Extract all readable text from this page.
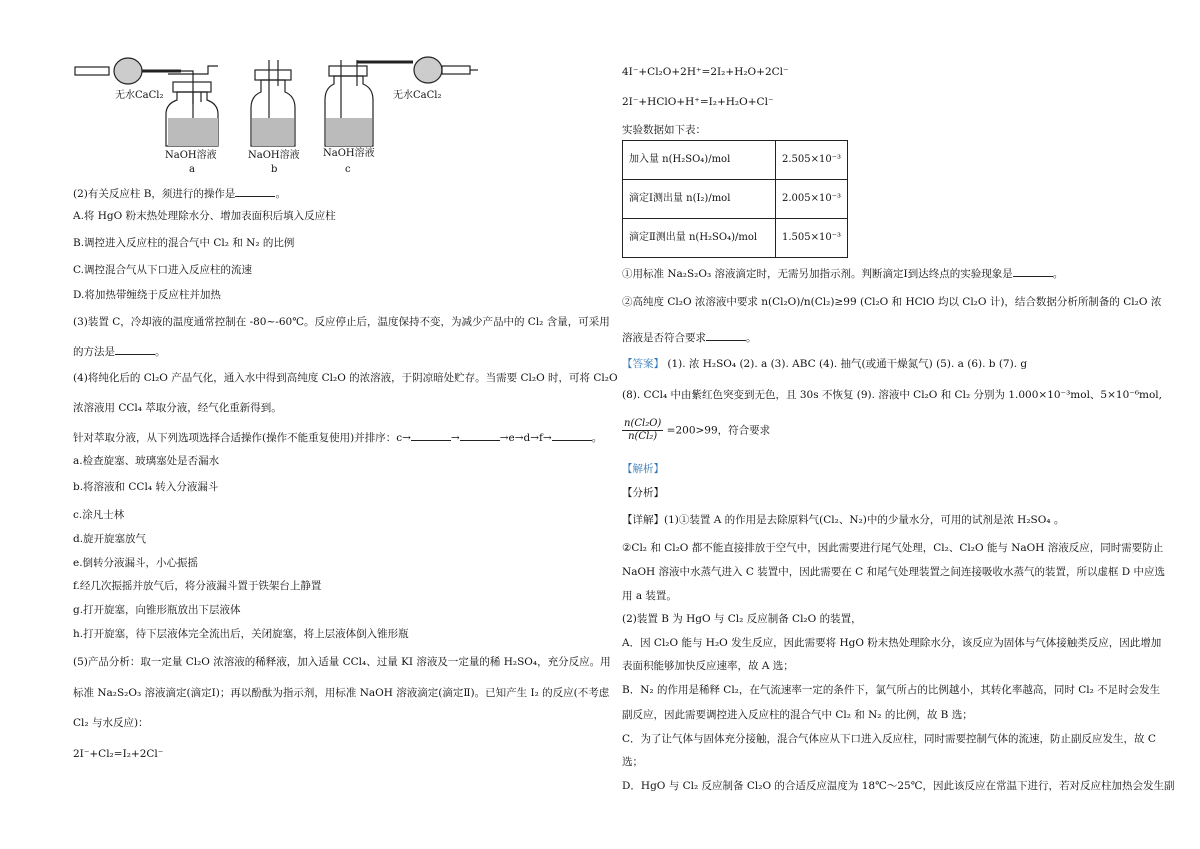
无水CaCl₂	无水CaCl₂
NaOH溶液	NaOH溶液 NaOH溶液
a	b	c
(2)有关反应柱 B，须进行的操作是	。
A.将 HgO 粉末热处理除水分、增加表面积后填入反应柱
B.调控进入反应柱的混合气中 Cl₂ 和 N₂ 的比例
C.调控混合气从下口进入反应柱的流速
D.将加热带缠绕于反应柱并加热
(3)装置 C，冷却液的温度通常控制在 -80~-60℃。反应停止后，温度保持不变，为减少产品中的 Cl₂ 含量，可采用
的方法是	。
(4)将纯化后的 Cl₂O 产品气化，通入水中得到高纯度 Cl₂O 的浓溶液，于阴凉暗处贮存。当需要 Cl₂O 时，可将 Cl₂O
浓溶液用 CCl₄ 萃取分液，经气化重新得到。
针对萃取分液，从下列选项选择合适操作(操作不能重复使用)并排序：c→	→	→e→d→f→	。
a.检查旋塞、玻璃塞处是否漏水
b.将溶液和 CCl₄ 转入分液漏斗
c.涂凡士林
d.旋开旋塞放气
e.倒转分液漏斗，小心振摇
f.经几次振摇并放气后，将分液漏斗置于铁架台上静置
g.打开旋塞，向锥形瓶放出下层液体
h.打开旋塞，待下层液体完全流出后，关闭旋塞，将上层液体倒入锥形瓶
(5)产品分析：取一定量 Cl₂O 浓溶液的稀释液，加入适量 CCl₄、过量 KI 溶液及一定量的稀 H₂SO₄，充分反应。用
标准 Na₂S₂O₃ 溶液滴定(滴定Ⅰ)；再以酚酞为指示剂，用标准 NaOH 溶液滴定(滴定Ⅱ)。已知产生 I₂ 的反应(不考虑
Cl₂ 与水反应)：
2I⁻+Cl₂=I₂+2Cl⁻
4I⁻+Cl₂O+2H⁺=2I₂+H₂O+2Cl⁻
2I⁻+HClO+H⁺=I₂+H₂O+Cl⁻
实验数据如下表：
加入量 n(H₂SO₄)/mol	2.505×10⁻³
滴定Ⅰ测出量 n(I₂)/mol	2.005×10⁻³
滴定Ⅱ测出量 n(H₂SO₄)/mol	1.505×10⁻³
①用标准 Na₂S₂O₃ 溶液滴定时，无需另加指示剂。判断滴定Ⅰ到达终点的实验现象是	。
②高纯度 Cl₂O 浓溶液中要求 n(Cl₂O)/n(Cl₂)≥99 (Cl₂O 和 HClO 均以 Cl₂O 计)，结合数据分析所制备的 Cl₂O 浓
溶液是否符合要求	。
【答案】 (1). 浓 H₂SO₄ (2). a (3). ABC (4). 抽气(或通干燥氮气) (5). a (6). b (7). g
(8). CCl₄ 中由紫红色突变到无色，且 30s 不恢复 (9). 溶液中 Cl₂O 和 Cl₂ 分别为 1.000×10⁻³mol、5×10⁻⁶mol,
$\frac{\text{n(Cl₂O)}}{\text{n(Cl₂)}} =200>99$，符合要求
【解析】
【分析】
【详解】(1)①装置 A 的作用是去除原料气(Cl₂、N₂)中的少量水分，可用的试剂是浓 H₂SO₄ 。
②Cl₂ 和 Cl₂O 都不能直接排放于空气中，因此需要进行尾气处理，Cl₂、Cl₂O 能与 NaOH 溶液反应，同时需要防止
NaOH 溶液中水蒸气进入 C 装置中，因此需要在 C 和尾气处理装置之间连接吸收水蒸气的装置，所以虚框 D 中应选
用 a 装置。
(2)装置 B 为 HgO 与 Cl₂ 反应制备 Cl₂O 的装置，
A．因 Cl₂O 能与 H₂O 发生反应，因此需要将 HgO 粉末热处理除水分，该反应为固体与气体接触类反应，因此增加
表面积能够加快反应速率，故 A 选；
B．N₂ 的作用是稀释 Cl₂，在气流速率一定的条件下，氯气所占的比例越小，其转化率越高，同时 Cl₂ 不足时会发生
副反应，因此需要调控进入反应柱的混合气中 Cl₂ 和 N₂ 的比例，故 B 选；
C．为了让气体与固体充分接触，混合气体应从下口进入反应柱，同时需要控制气体的流速，防止副反应发生，故 C
选；
D．HgO 与 Cl₂ 反应制备 Cl₂O 的合适反应温度为 18℃～25℃，因此该反应在常温下进行，若对反应柱加热会发生副
